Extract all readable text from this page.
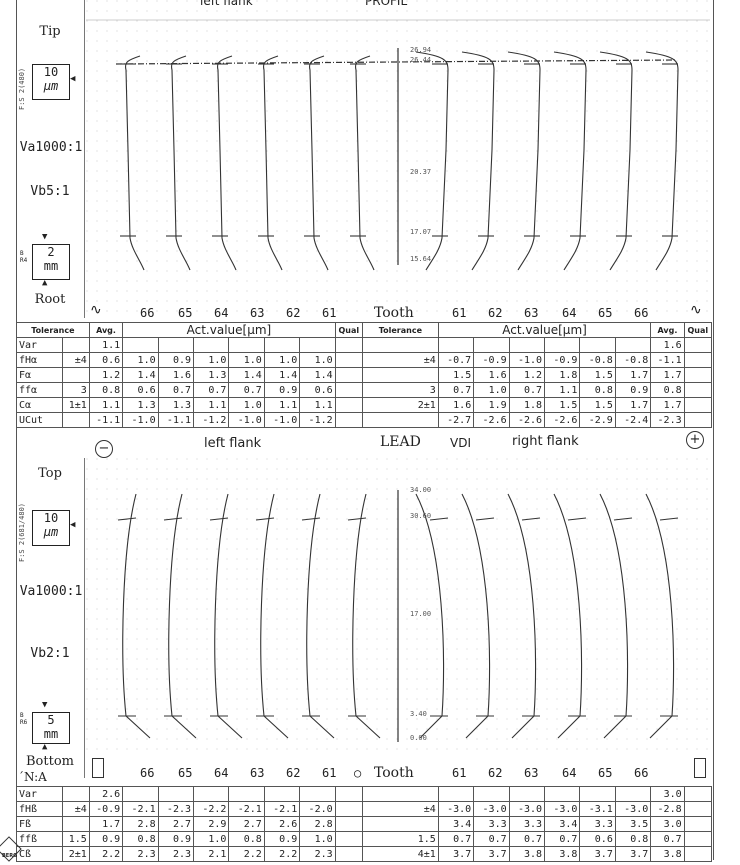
Tip
F:S 2(480)	10
µm	◀
Va1000:1
Vb5:1
▼
2
mm
▲
B R4
Root
26.94
26.44
20.37
17.07
15.64
∿	66 65 64 63 62 61	Tooth	61 62 63 64 65 66	∿
Tolerance		Avg.	Act.value[µm]						Qual	Tolerance	Act.value[µm]						Avg.	Qual
Var		1.1															1.6	
fHα	±4	0.6	1.0	0.9	1.0	1.0	1.0	1.0		±4	-0.7	-0.9	-1.0	-0.9	-0.8	-0.8	-1.1	
Fα		1.2	1.4	1.6	1.3	1.4	1.4	1.4			1.5	1.6	1.2	1.8	1.5	1.7	1.7	
ffα	3	0.8	0.6	0.7	0.7	0.7	0.9	0.6		3	0.7	1.0	0.7	1.1	0.8	0.9	0.8	
Cα	1±1	1.1	1.3	1.3	1.1	1.0	1.1	1.1		2±1	1.6	1.9	1.8	1.5	1.5	1.7	1.7	
UCut		-1.1	-1.0	-1.1	-1.2	-1.0	-1.0	-1.2			-2.7	-2.6	-2.6	-2.6	-2.9	-2.4	-2.3	
−	left flank	LEAD VDI	right flank	+
Top
F:S 2(681/480)	10
µm	◀
Va1000:1
Vb2:1
▼
5
mm
▲
B R6
Bottom
´N:A
34.00
30.60
17.00
3.40
0.00
66 65 64 63 62 61 ○ Tooth	61 62 63 64 65 66
Var		2.6															3.0	
fHß	±4	-0.9	-2.1	-2.3	-2.2	-2.1	-2.1	-2.0		±4	-3.0	-3.0	-3.0	-3.0	-3.1	-3.0	-2.8	
Fß		1.7	2.8	2.7	2.9	2.7	2.6	2.8			3.4	3.3	3.3	3.4	3.3	3.5	3.0	
ffß	1.5	0.9	0.8	0.9	1.0	0.8	0.9	1.0		1.5	0.7	0.7	0.7	0.7	0.6	0.8	0.7	
Cß	2±1	2.2	2.3	2.3	2.1	2.2	2.2	2.3		4±1	3.7	3.7	3.8	3.8	3.7	3.7	3.8	
BERG
